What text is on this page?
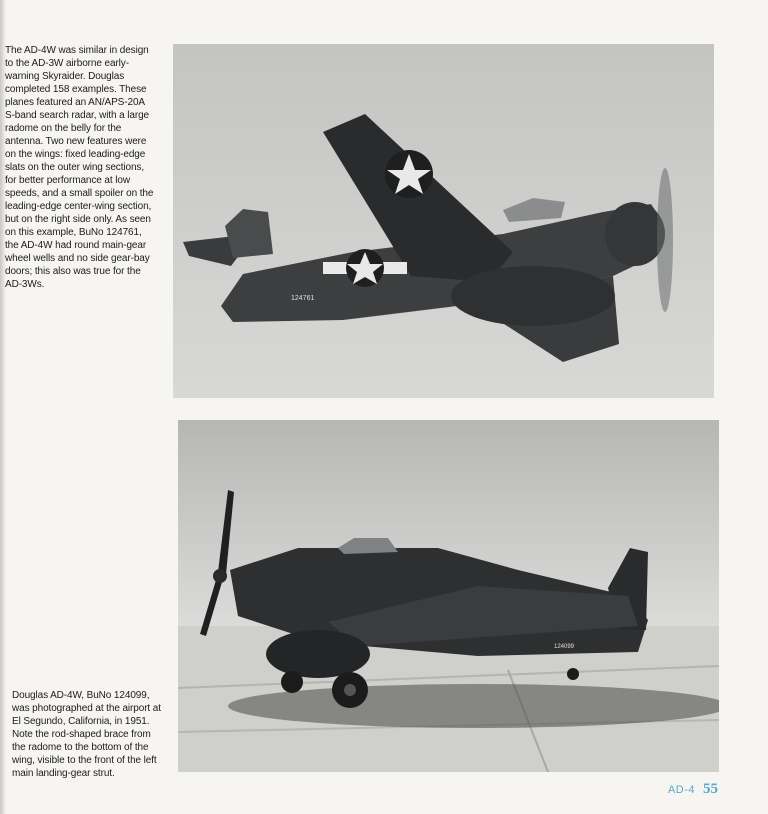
The AD-4W was similar in design to the AD-3W airborne early-warning Skyraider. Douglas completed 158 examples. These planes featured an AN/APS-20A S-band search radar, with a large radome on the belly for the antenna. Two new features were on the wings: fixed leading-edge slats on the outer wing sections, for better performance at low speeds, and a small spoiler on the leading-edge center-wing section, but on the right side only. As seen on this example, BuNo 124761, the AD-4W had round main-gear wheel wells and no side gear-bay doors; this also was true for the AD-3Ws.
124761
124099
Douglas AD-4W, BuNo 124099, was photographed at the airport at El Segundo, California, in 1951. Note the rod-shaped brace from the radome to the bottom of the wing, visible to the front of the left main landing-gear strut.
AD-4 55
